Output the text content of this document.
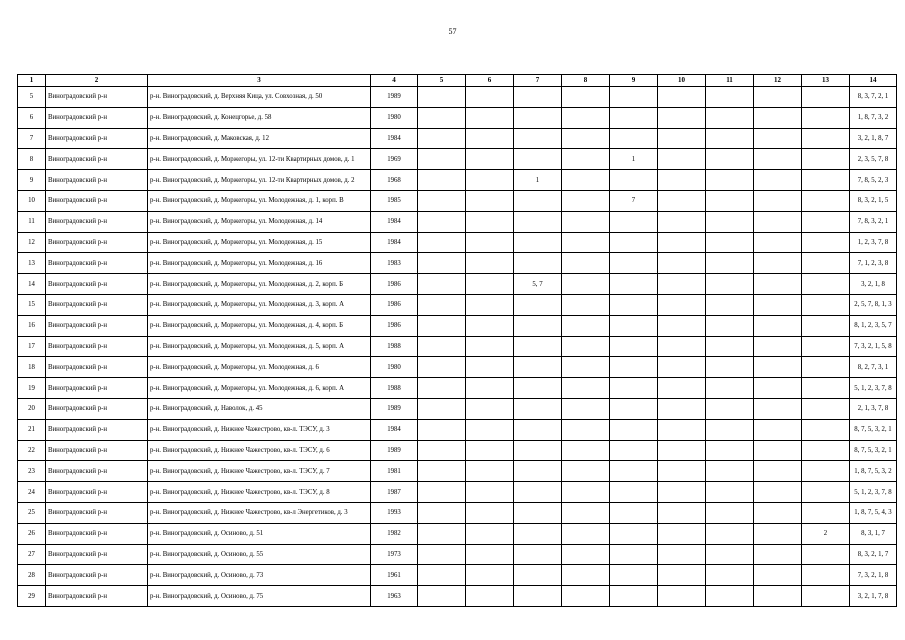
57
1	2	3	4	5	6	7	8	9	10	11	12	13	14
5	Виноградовский р-н	р-н. Виноградовский, д. Верхняя Кица, ул. Совхозная, д. 50	1989										8, 3, 7, 2, 1
6	Виноградовский р-н	р-н. Виноградовский, д. Конецгорье, д. 58	1980										1, 8, 7, 3, 2
7	Виноградовский р-н	р-н. Виноградовский, д. Маковская, д. 12	1984										3, 2, 1, 8, 7
8	Виноградовский р-н	р-н. Виноградовский, д. Моржегоры, ул. 12-ти Квартирных домов, д. 1	1969					1					2, 3, 5, 7, 8
9	Виноградовский р-н	р-н. Виноградовский, д. Моржегоры, ул. 12-ти Квартирных домов, д. 2	1968			1							7, 8, 5, 2, 3
10	Виноградовский р-н	р-н. Виноградовский, д. Моржегоры, ул. Молодежная, д. 1, корп. В	1985					7					8, 3, 2, 1, 5
11	Виноградовский р-н	р-н. Виноградовский, д. Моржегоры, ул. Молодежная, д. 14	1984										7, 8, 3, 2, 1
12	Виноградовский р-н	р-н. Виноградовский, д. Моржегоры, ул. Молодежная, д. 15	1984										1, 2, 3, 7, 8
13	Виноградовский р-н	р-н. Виноградовский, д. Моржегоры, ул. Молодежная, д. 16	1983										7, 1, 2, 3, 8
14	Виноградовский р-н	р-н. Виноградовский, д. Моржегоры, ул. Молодежная, д. 2, корп. Б	1986			5, 7							3, 2, 1, 8
15	Виноградовский р-н	р-н. Виноградовский, д. Моржегоры, ул. Молодежная, д. 3, корп. А	1986										2, 5, 7, 8, 1, 3
16	Виноградовский р-н	р-н. Виноградовский, д. Моржегоры, ул. Молодежная, д. 4, корп. Б	1986										8, 1, 2, 3, 5, 7
17	Виноградовский р-н	р-н. Виноградовский, д. Моржегоры, ул. Молодежная, д. 5, корп. А	1988										7, 3, 2, 1, 5, 8
18	Виноградовский р-н	р-н. Виноградовский, д. Моржегоры, ул. Молодежная, д. 6	1980										8, 2, 7, 3, 1
19	Виноградовский р-н	р-н. Виноградовский, д. Моржегоры, ул. Молодежная, д. 6, корп. А	1988										5, 1, 2, 3, 7, 8
20	Виноградовский р-н	р-н. Виноградовский, д. Наволок, д. 45	1989										2, 1, 3, 7, 8
21	Виноградовский р-н	р-н. Виноградовский, д. Нижнее Чажестрово, кв-л. ТЭСУ, д. 3	1984										8, 7, 5, 3, 2, 1
22	Виноградовский р-н	р-н. Виноградовский, д. Нижнее Чажестрово, кв-л. ТЭСУ, д. 6	1989										8, 7, 5, 3, 2, 1
23	Виноградовский р-н	р-н. Виноградовский, д. Нижнее Чажестрово, кв-л. ТЭСУ, д. 7	1981										1, 8, 7, 5, 3, 2
24	Виноградовский р-н	р-н. Виноградовский, д. Нижнее Чажестрово, кв-л. ТЭСУ, д. 8	1987										5, 1, 2, 3, 7, 8
25	Виноградовский р-н	р-н. Виноградовский, д. Нижнее Чажестрово, кв-л Энергетиков, д. 3	1993										1, 8, 7, 5, 4, 3
26	Виноградовский р-н	р-н. Виноградовский, д. Осиново, д. 51	1982									2	8, 3, 1, 7
27	Виноградовский р-н	р-н. Виноградовский, д. Осиново, д. 55	1973										8, 3, 2, 1, 7
28	Виноградовский р-н	р-н. Виноградовский, д. Осиново, д. 73	1961										7, 3, 2, 1, 8
29	Виноградовский р-н	р-н. Виноградовский, д. Осиново, д. 75	1963										3, 2, 1, 7, 8
